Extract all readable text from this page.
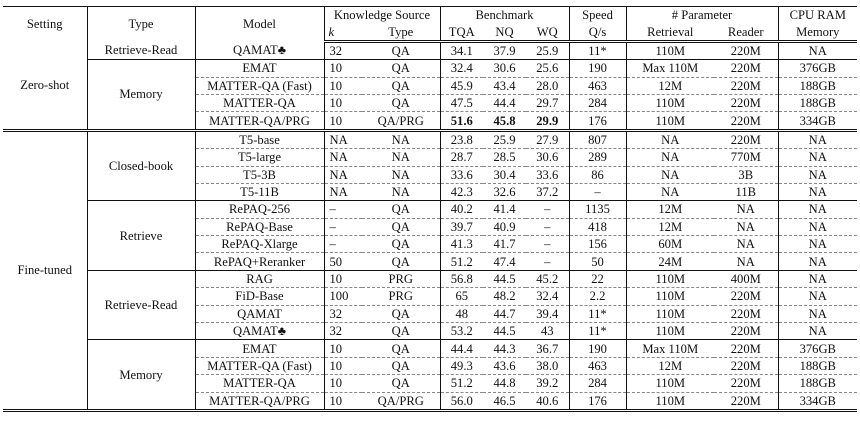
Setting	Type	Model	Knowledge Source		Benchmark			Speed	# Parameter		CPU RAM
			k	Type	TQA	NQ	WQ	Q/s	Retrieval	Reader	Memory
Zero-shot	Retrieve-Read	QAMAT♣	32	QA	34.1	37.9	25.9	11*	110M	220M	NA
	Memory	EMAT	10	QA	32.4	30.6	25.6	190	Max 110M	220M	376GB
		MATTER-QA (Fast)	10	QA	45.9	43.4	28.0	463	12M	220M	188GB
		MATTER-QA	10	QA	47.5	44.4	29.7	284	110M	220M	188GB
		MATTER-QA/PRG	10	QA/PRG	51.6	45.8	29.9	176	110M	220M	334GB
Fine-tuned	Closed-book	T5-base	NA	NA	23.8	25.9	27.9	807	NA	220M	NA
		T5-large	NA	NA	28.7	28.5	30.6	289	NA	770M	NA
		T5-3B	NA	NA	33.6	30.4	33.6	86	NA	3B	NA
		T5-11B	NA	NA	42.3	32.6	37.2	–	NA	11B	NA
	Retrieve	RePAQ-256	–	QA	40.2	41.4	–	1135	12M	NA	NA
		RePAQ-Base	–	QA	39.7	40.9	–	418	12M	NA	NA
		RePAQ-Xlarge	–	QA	41.3	41.7	–	156	60M	NA	NA
		RePAQ+Reranker	50	QA	51.2	47.4	–	50	24M	NA	NA
	Retrieve-Read	RAG	10	PRG	56.8	44.5	45.2	22	110M	400M	NA
		FiD-Base	100	PRG	65	48.2	32.4	2.2	110M	220M	NA
		QAMAT	32	QA	48	44.7	39.4	11*	110M	220M	NA
		QAMAT♣	32	QA	53.2	44.5	43	11*	110M	220M	NA
	Memory	EMAT	10	QA	44.4	44.3	36.7	190	Max 110M	220M	376GB
		MATTER-QA (Fast)	10	QA	49.3	43.6	38.0	463	12M	220M	188GB
		MATTER-QA	10	QA	51.2	44.8	39.2	284	110M	220M	188GB
		MATTER-QA/PRG	10	QA/PRG	56.0	46.5	40.6	176	110M	220M	334GB
